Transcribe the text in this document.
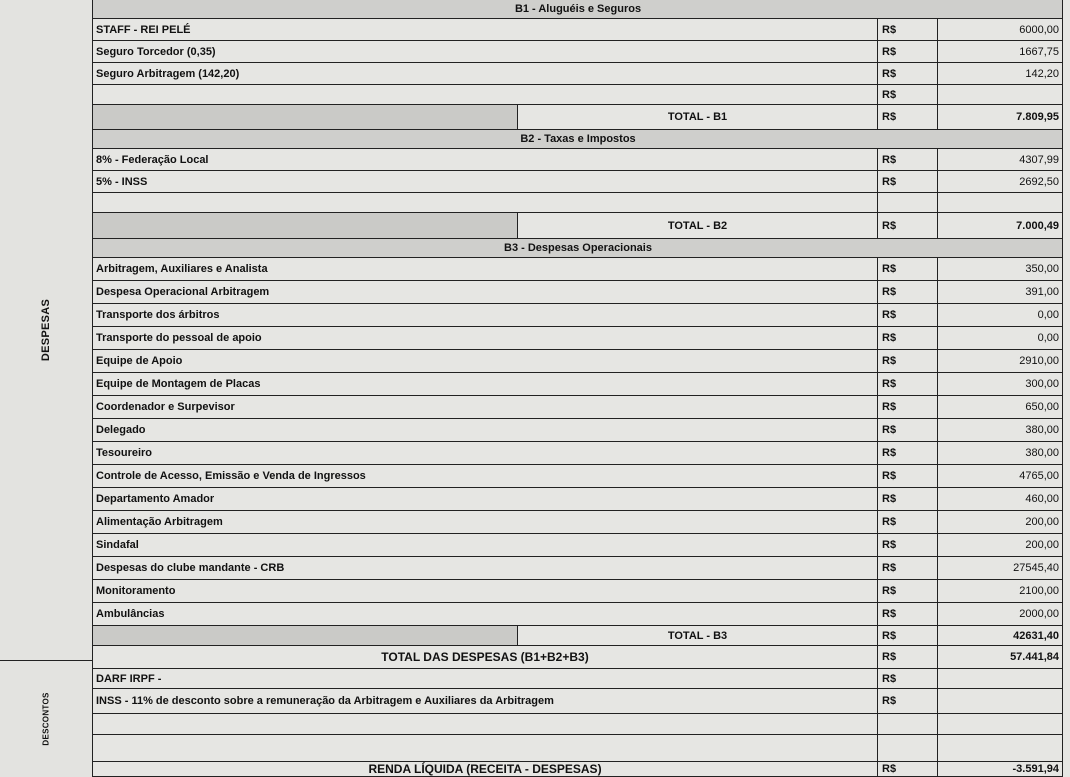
DESPESAS
DESCONTOS
B1 - Aluguéis e Seguros
STAFF - REI PELÉ	R$	6000,00
Seguro Torcedor (0,35)	R$	1667,75
Seguro Arbitragem (142,20)	R$	142,20
R$
TOTAL - B1	R$	7.809,95
B2 - Taxas e Impostos
8% - Federação Local	R$	4307,99
5% - INSS	R$	2692,50
TOTAL - B2	R$	7.000,49
B3 - Despesas Operacionais
Arbitragem, Auxiliares e Analista	R$	350,00
Despesa Operacional Arbitragem	R$	391,00
Transporte dos árbitros	R$	0,00
Transporte do pessoal de apoio	R$	0,00
Equipe de Apoio	R$	2910,00
Equipe de Montagem de Placas	R$	300,00
Coordenador e Surpevisor	R$	650,00
Delegado	R$	380,00
Tesoureiro	R$	380,00
Controle de Acesso, Emissão e Venda de Ingressos	R$	4765,00
Departamento Amador	R$	460,00
Alimentação Arbitragem	R$	200,00
Sindafal	R$	200,00
Despesas do clube mandante - CRB	R$	27545,40
Monitoramento	R$	2100,00
Ambulâncias	R$	2000,00
TOTAL - B3	R$	42631,40
TOTAL DAS DESPESAS (B1+B2+B3)	R$	57.441,84
DARF IRPF -	R$
INSS - 11% de desconto sobre a remuneração da Arbitragem e Auxiliares da Arbitragem	R$
RENDA LÍQUIDA (RECEITA - DESPESAS)	R$	-3.591,94
